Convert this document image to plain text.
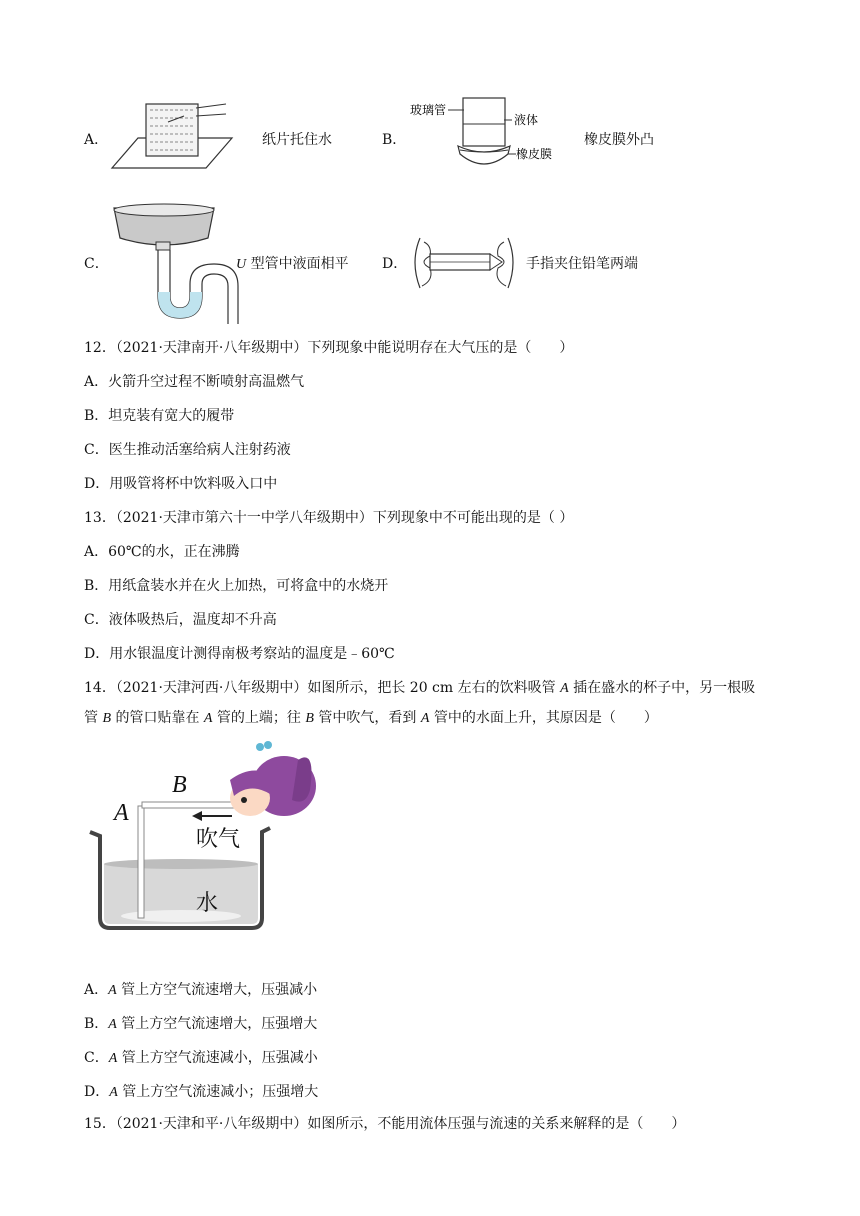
A．	纸片托住水	B．
玻璃管
液体
橡皮膜
橡皮膜外凸
C．	U 型管中液面相平 D．	手指夹住铅笔两端
12．（2021·天津南开·八年级期中）下列现象中能说明存在大气压的是（　　）
A．火箭升空过程不断喷射高温燃气
B．坦克装有宽大的履带
C．医生推动活塞给病人注射药液
D．用吸管将杯中饮料吸入口中
13．（2021·天津市第六十一中学八年级期中）下列现象中不可能出现的是（ ）
A．60℃的水，正在沸腾
B．用纸盒装水并在火上加热，可将盒中的水烧开
C．液体吸热后，温度却不升高
D．用水银温度计测得南极考察站的温度是﹣60℃
14．（2021·天津河西·八年级期中）如图所示，把长 20 cm 左右的饮料吸管 A 插在盛水的杯子中，另一根吸
管 B 的管口贴靠在 A 管的上端；往 B 管中吹气，看到 A 管中的水面上升，其原因是（　　）
A
B
吹气
水
A．A 管上方空气流速增大，压强减小
B．A 管上方空气流速增大，压强增大
C．A 管上方空气流速减小，压强减小
D．A 管上方空气流速减小；压强增大
15．（2021·天津和平·八年级期中）如图所示，不能用流体压强与流速的关系来解释的是（　　）
